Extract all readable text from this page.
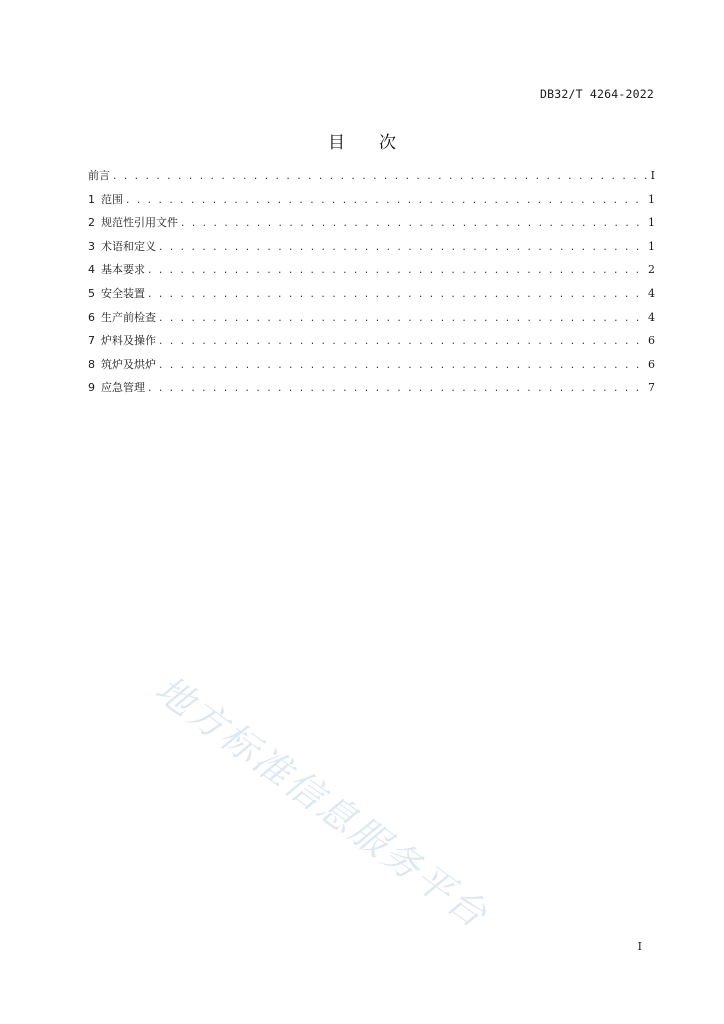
DB32/T 4264-2022
目 次
前言 . . .	I
1 范围 . . .	1
2 规范性引用文件 . . .	1
3 术语和定义 . . .	1
4 基本要求 . . .	2
5 安全装置 . . .	4
6 生产前检查 . . .	4
7 炉料及操作 . . .	6
8 筑炉及烘炉 . . .	6
9 应急管理 . . .	7
地方标准信息服务平台
I
